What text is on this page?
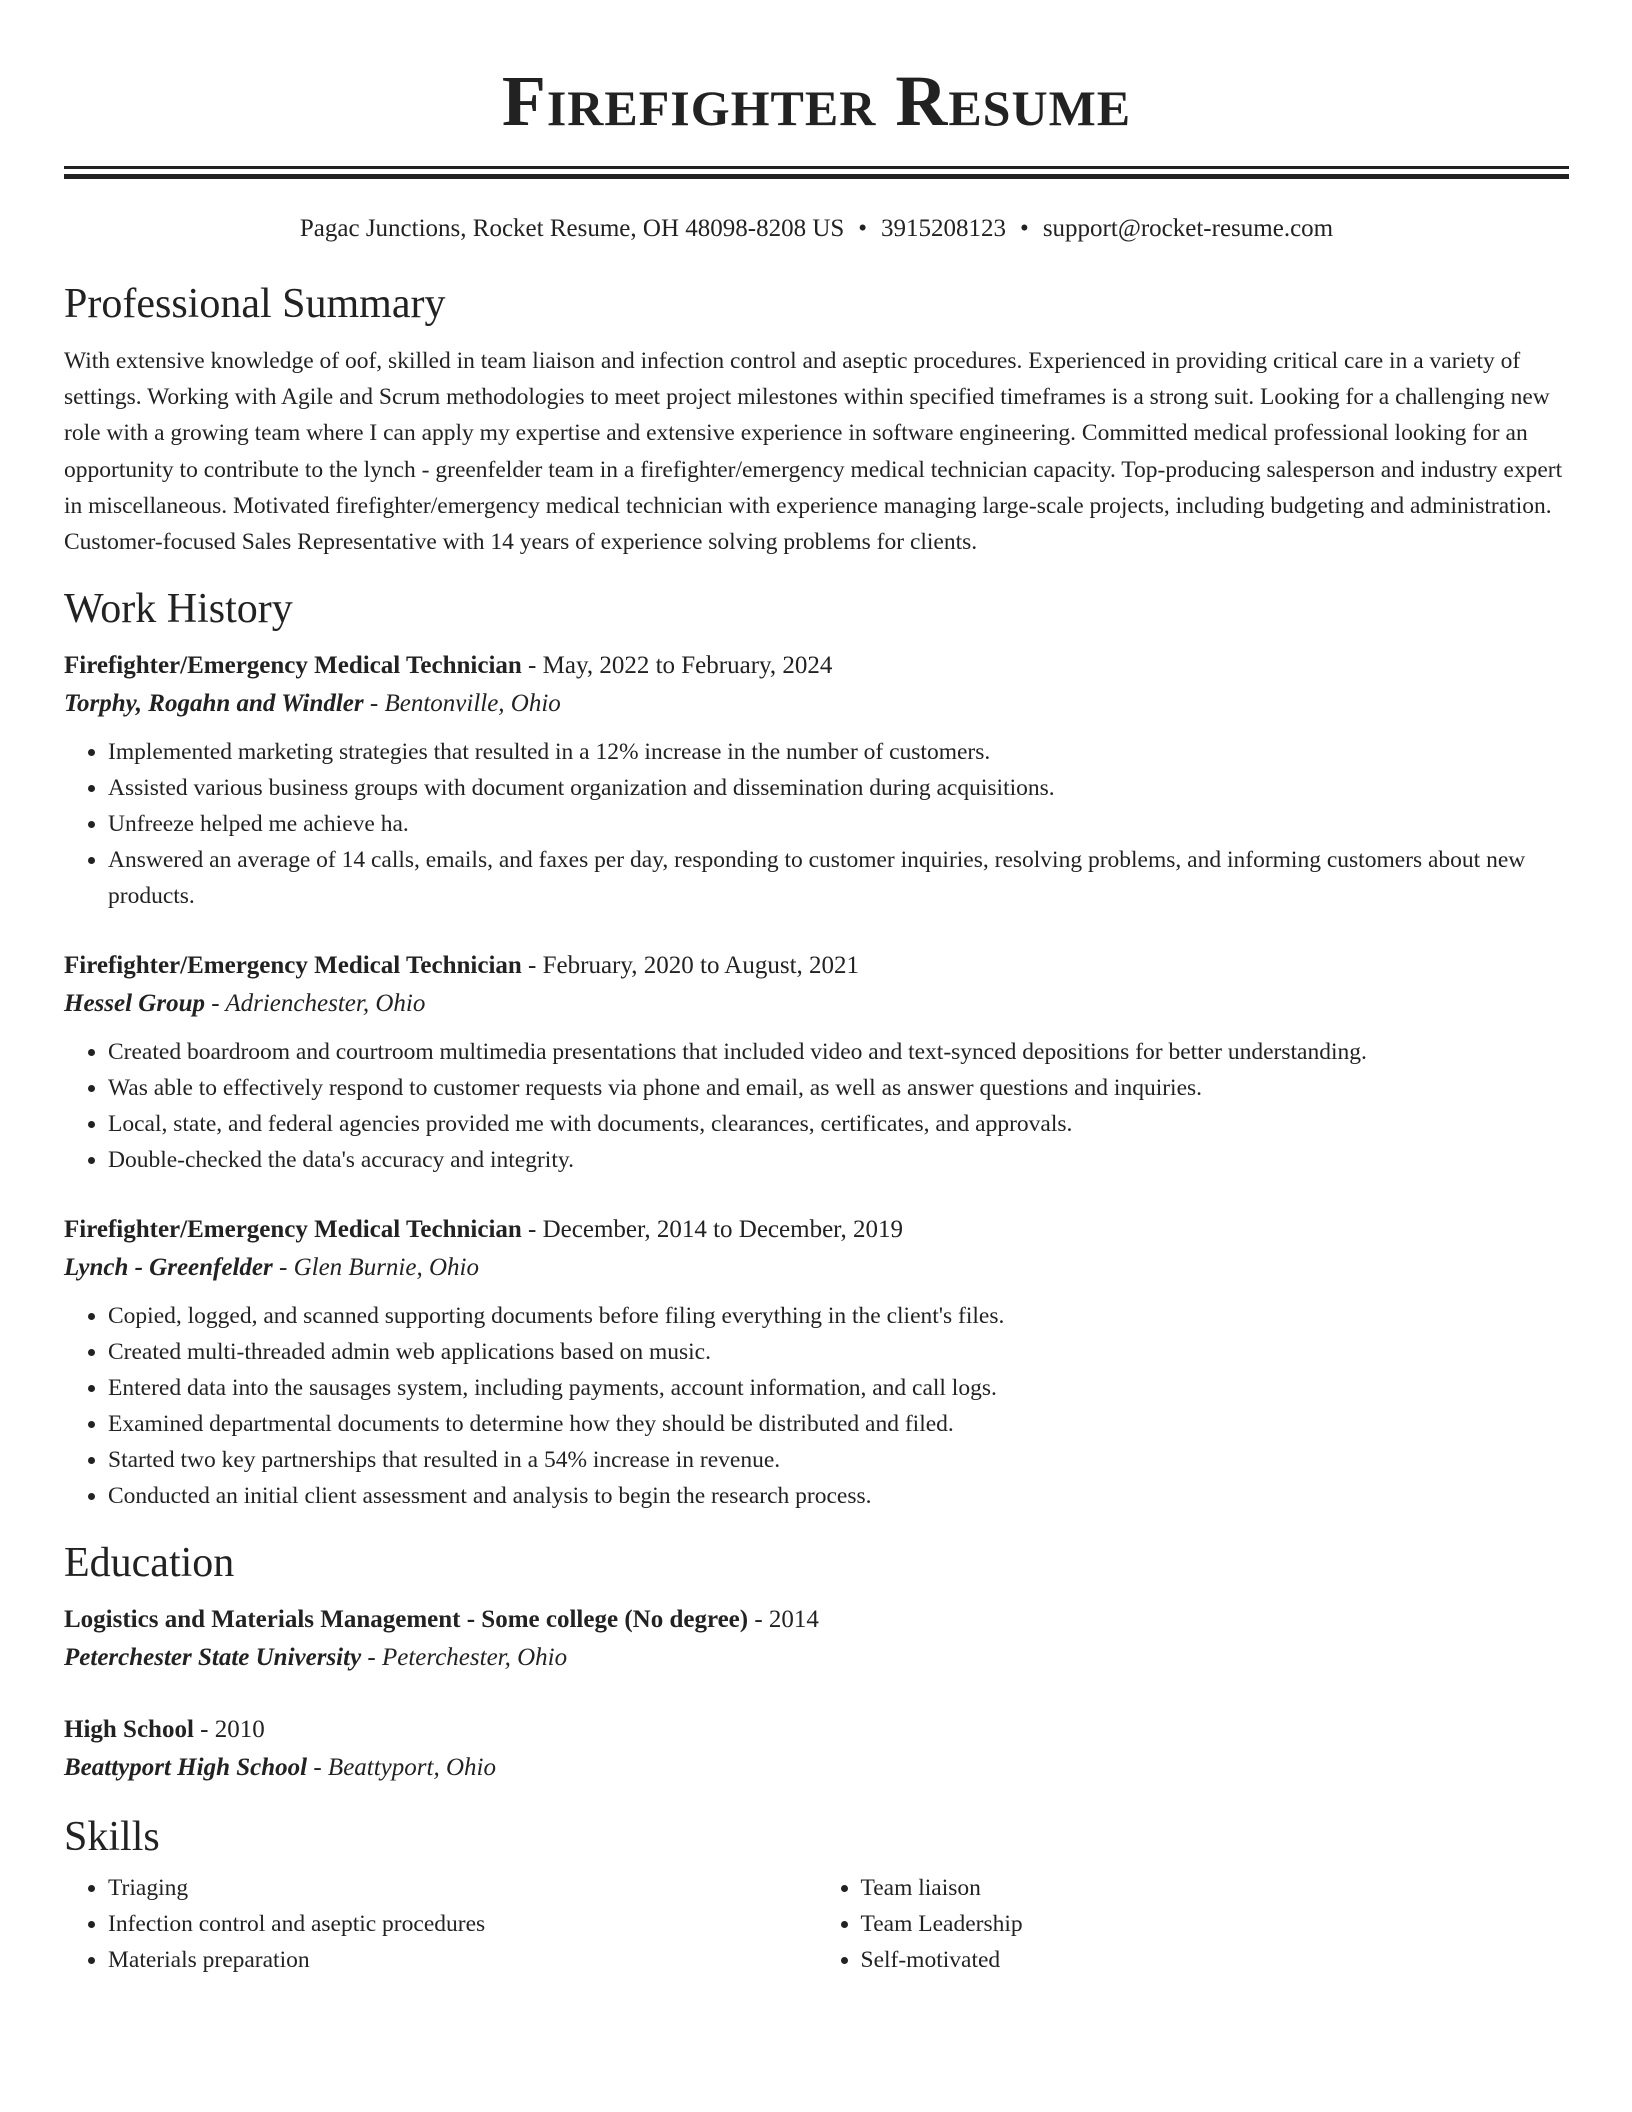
Firefighter Resume
Pagac Junctions, Rocket Resume, OH 48098-8208 US • 3915208123 • support@rocket-resume.com
Professional Summary
With extensive knowledge of oof, skilled in team liaison and infection control and aseptic procedures. Experienced in providing critical care in a variety of settings. Working with Agile and Scrum methodologies to meet project milestones within specified timeframes is a strong suit. Looking for a challenging new role with a growing team where I can apply my expertise and extensive experience in software engineering. Committed medical professional looking for an opportunity to contribute to the lynch - greenfelder team in a firefighter/emergency medical technician capacity. Top-producing salesperson and industry expert in miscellaneous. Motivated firefighter/emergency medical technician with experience managing large-scale projects, including budgeting and administration. Customer-focused Sales Representative with 14 years of experience solving problems for clients.
Work History
Firefighter/Emergency Medical Technician - May, 2022 to February, 2024
Torphy, Rogahn and Windler - Bentonville, Ohio
• Implemented marketing strategies that resulted in a 12% increase in the number of customers.
• Assisted various business groups with document organization and dissemination during acquisitions.
• Unfreeze helped me achieve ha.
• Answered an average of 14 calls, emails, and faxes per day, responding to customer inquiries, resolving problems, and informing customers about new products.
Firefighter/Emergency Medical Technician - February, 2020 to August, 2021
Hessel Group - Adrienchester, Ohio
• Created boardroom and courtroom multimedia presentations that included video and text-synced depositions for better understanding.
• Was able to effectively respond to customer requests via phone and email, as well as answer questions and inquiries.
• Local, state, and federal agencies provided me with documents, clearances, certificates, and approvals.
• Double-checked the data's accuracy and integrity.
Firefighter/Emergency Medical Technician - December, 2014 to December, 2019
Lynch - Greenfelder - Glen Burnie, Ohio
• Copied, logged, and scanned supporting documents before filing everything in the client's files.
• Created multi-threaded admin web applications based on music.
• Entered data into the sausages system, including payments, account information, and call logs.
• Examined departmental documents to determine how they should be distributed and filed.
• Started two key partnerships that resulted in a 54% increase in revenue.
• Conducted an initial client assessment and analysis to begin the research process.
Education
Logistics and Materials Management - Some college (No degree) - 2014
Peterchester State University - Peterchester, Ohio
High School - 2010
Beattyport High School - Beattyport, Ohio
Skills
• Triaging
• Infection control and aseptic procedures
• Materials preparation
• Team liaison
• Team Leadership
• Self-motivated
